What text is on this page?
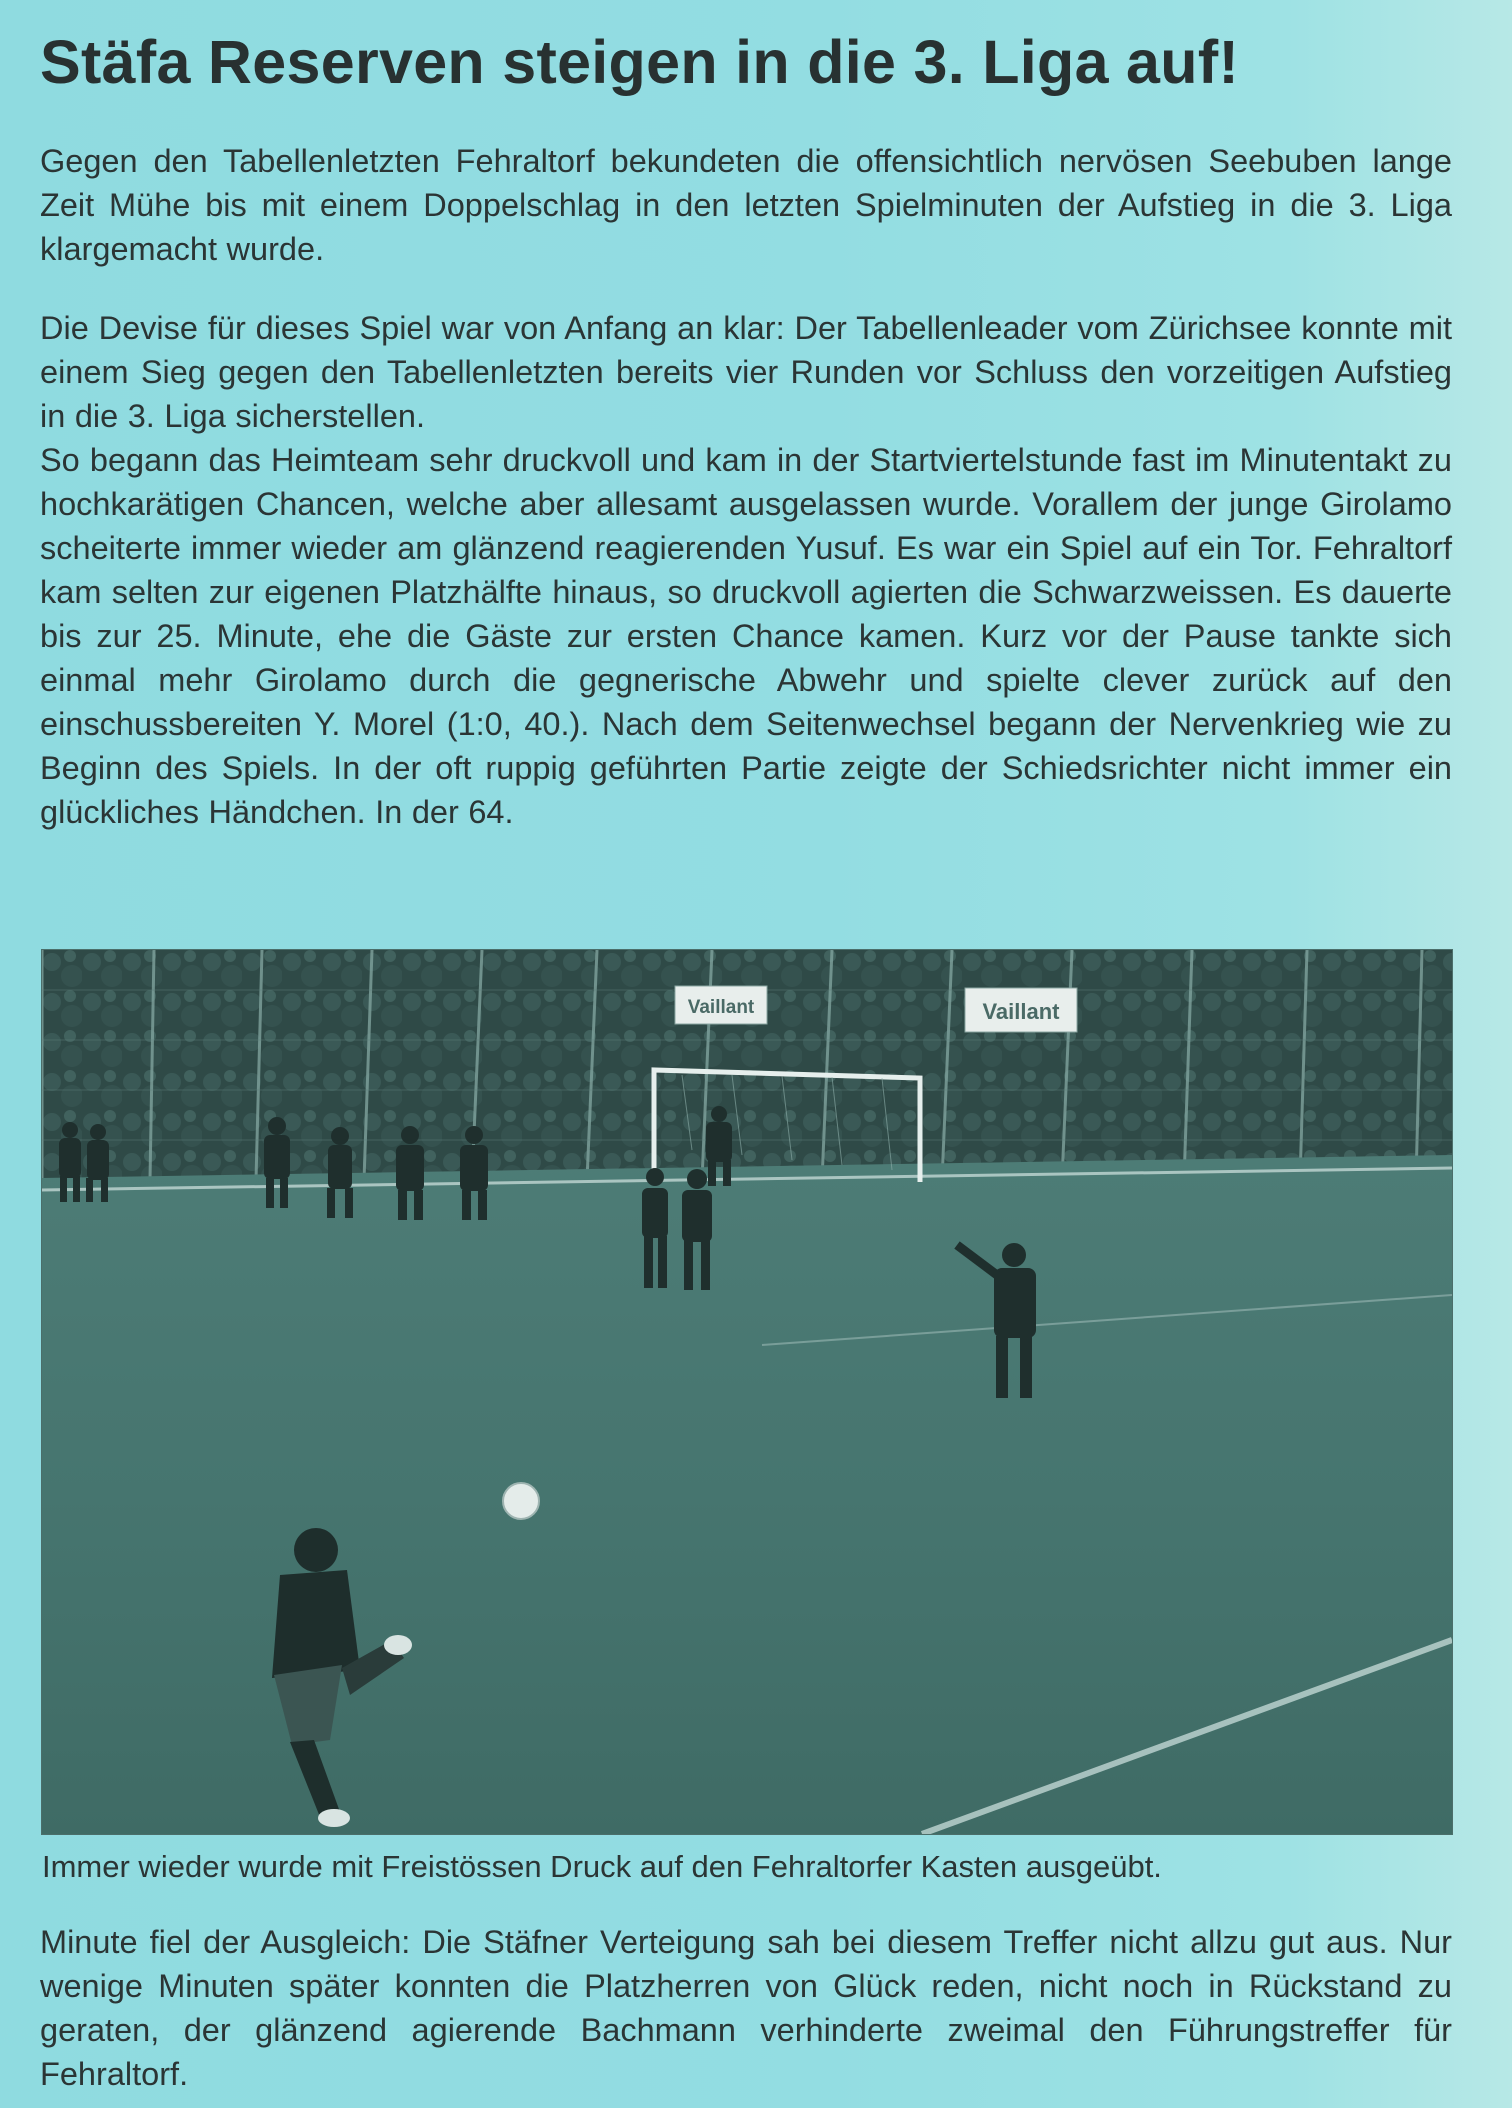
Stäfa Reserven steigen in die 3. Liga auf!

Gegen den Tabellenletzten Fehraltorf bekundeten die offensichtlich nervösen Seebuben lange Zeit Mühe bis mit einem Doppelschlag in den letzten Spielminuten der Aufstieg in die 3. Liga klargemacht wurde.

Die Devise für dieses Spiel war von Anfang an klar: Der Tabellenleader vom Zürichsee konnte mit einem Sieg gegen den Tabellenletzten bereits vier Runden vor Schluss den vorzeitigen Aufstieg in die 3. Liga sicherstellen.
So begann das Heimteam sehr druckvoll und kam in der Startviertelstunde fast im Minutentakt zu hochkarätigen Chancen, welche aber allesamt ausgelassen wurde. Vorallem der junge Girolamo scheiterte immer wieder am glänzend reagierenden Yusuf. Es war ein Spiel auf ein Tor. Fehraltorf kam selten zur eigenen Platzhälfte hinaus, so druckvoll agierten die Schwarzweissen. Es dauerte bis zur 25. Minute, ehe die Gäste zur ersten Chance kamen. Kurz vor der Pause tankte sich einmal mehr Girolamo durch die gegnerische Abwehr und spielte clever zurück auf den einschussbereiten Y. Morel (1:0, 40.). Nach dem Seitenwechsel begann der Nervenkrieg wie zu Beginn des Spiels. In der oft ruppig geführten Partie zeigte der Schiedsrichter nicht immer ein glückliches Händchen. In der 64.
Vaillant	Vaillant
Immer wieder wurde mit Freistössen Druck auf den Fehraltorfer Kasten ausgeübt.

Minute fiel der Ausgleich: Die Stäfner Verteigung sah bei diesem Treffer nicht allzu gut aus. Nur wenige Minuten später konnten die Platzherren von Glück reden, nicht noch in Rückstand zu geraten, der glänzend agierende Bachmann verhinderte zweimal den Führungstreffer für Fehraltorf.
